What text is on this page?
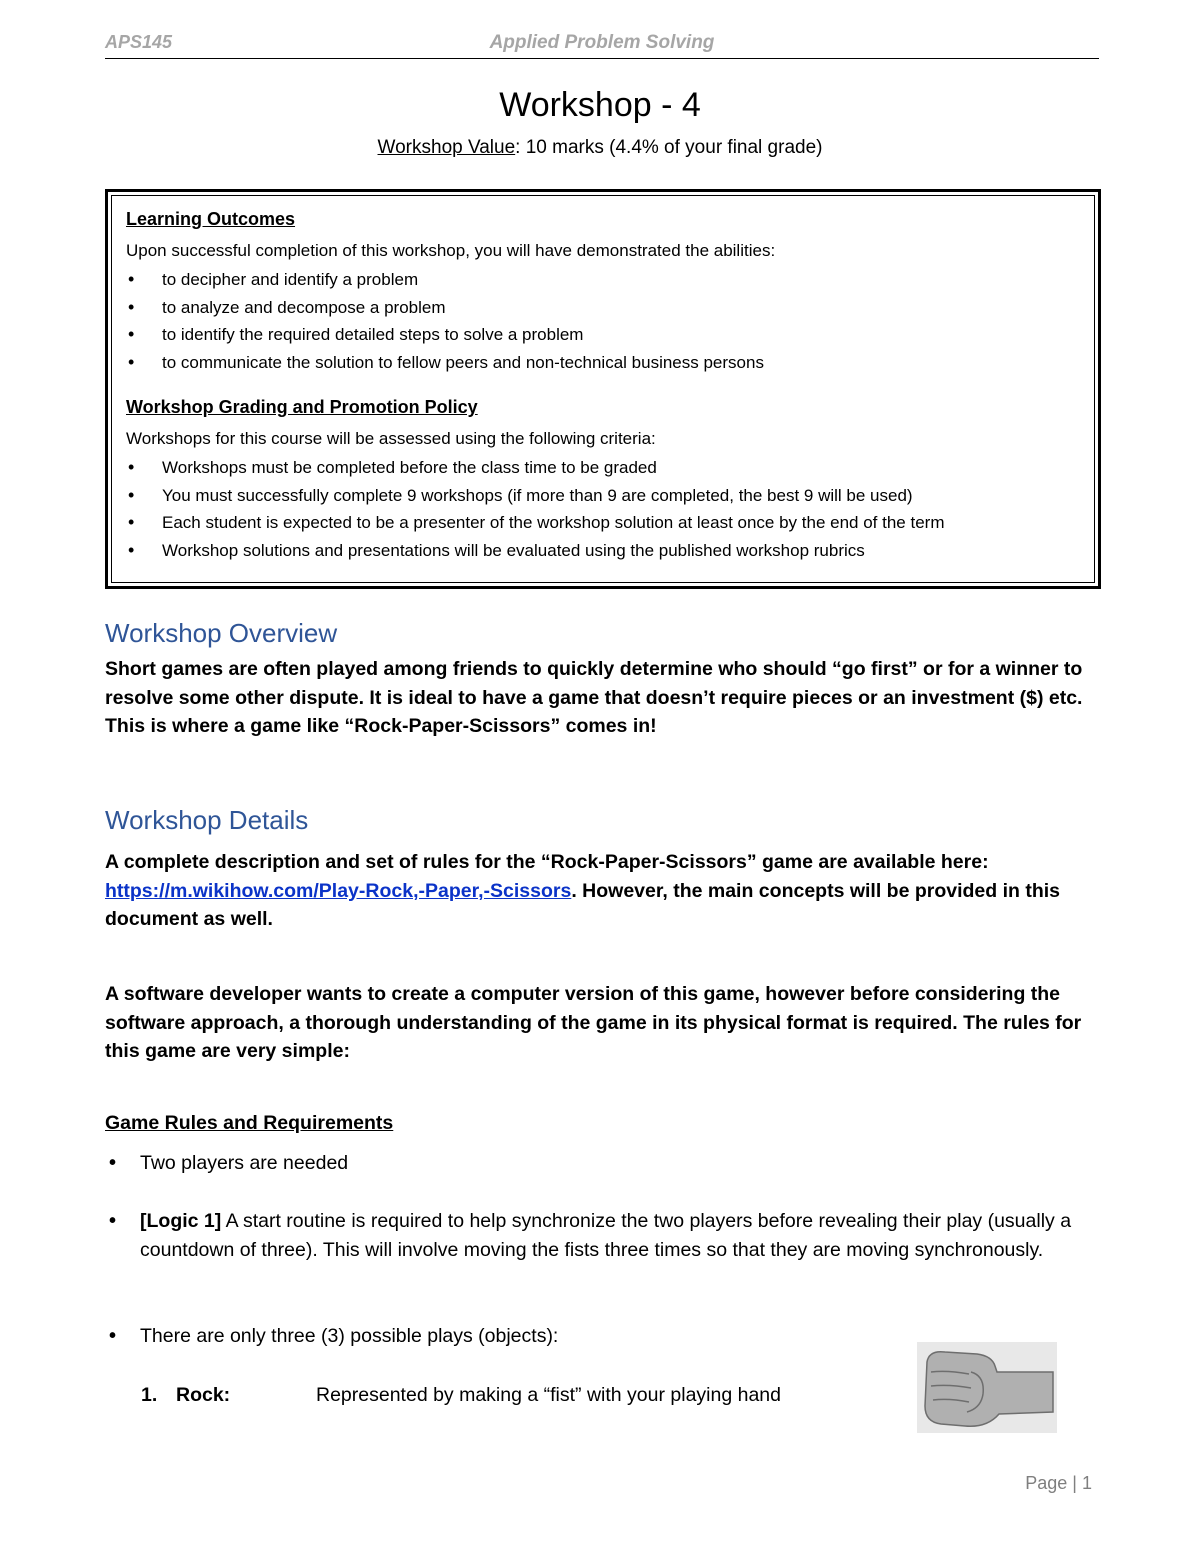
APS145	Applied Problem Solving
Workshop - 4
Workshop Value: 10 marks (4.4% of your final grade)

Learning Outcomes

Upon successful completion of this workshop, you will have demonstrated the abilities:

• to decipher and identify a problem
• to analyze and decompose a problem
• to identify the required detailed steps to solve a problem
• to communicate the solution to fellow peers and non-technical business persons

Workshop Grading and Promotion Policy

Workshops for this course will be assessed using the following criteria:

• Workshops must be completed before the class time to be graded
• You must successfully complete 9 workshops (if more than 9 are completed, the best 9 will be used)
• Each student is expected to be a presenter of the workshop solution at least once by the end of the term
• Workshop solutions and presentations will be evaluated using the published workshop rubrics
Workshop Overview
Short games are often played among friends to quickly determine who should “go first” or for a winner to resolve some other dispute. It is ideal to have a game that doesn’t require pieces or an investment ($) etc. This is where a game like “Rock-Paper-Scissors” comes in!
Workshop Details
A complete description and set of rules for the “Rock-Paper-Scissors” game are available here: https://m.wikihow.com/Play-Rock,-Paper,-Scissors. However, the main concepts will be provided in this document as well.
A software developer wants to create a computer version of this game, however before considering the software approach, a thorough understanding of the game in its physical format is required. The rules for this game are very simple:
Game Rules and Requirements
• Two players are needed
• [Logic 1] A start routine is required to help synchronize the two players before revealing their play (usually a countdown of three). This will involve moving the fists three times so that they are moving synchronously.
• There are only three (3) possible plays (objects):
1. Rock:	Represented by making a “fist” with your playing hand
Page | 1
